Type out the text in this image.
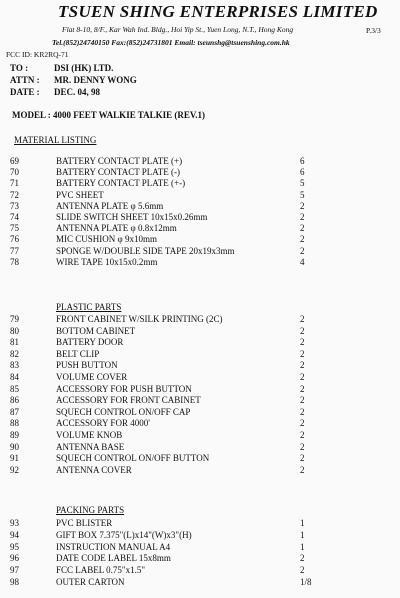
TSUEN SHING ENTERPRISES LIMITED
Flat 8-10, 8/F., Kar Wah Ind. Bldg., Hoi Yip St., Yuen Long, N.T., Hong Kong	P.3/3
Tel.(852)24740150 Fax:(852)24731801 Email: tseunshg@tsuenshing.com.hk
FCC ID: KR2RQ-71
TO :	DSI (HK) LTD.
ATTN : MR. DENNY WONG
DATE : DEC. 04, 98
MODEL : 4000 FEET WALKIE TALKIE (REV.1)
MATERIAL LISTING
69	BATTERY CONTACT PLATE (+)	6
70	BATTERY CONTACT PLATE (-)	6
71	BATTERY CONTACT PLATE (+-)	5
72	PVC SHEET	5
73	ANTENNA PLATE φ 5.6mm	2
74	SLIDE SWITCH SHEET 10x15x0.26mm	2
75	ANTENNA PLATE φ 0.8x12mm	2
76	MIC CUSHION φ 9x10mm	2
77	SPONGE W/DOUBLE SIDE TAPE 20x19x3mm	2
78	WIRE TAPE 10x15x0.2mm	4
PLASTIC PARTS
79	FRONT CABINET W/SILK PRINTING (2C)	2
80	BOTTOM CABINET	2
81	BATTERY DOOR	2
82	BELT CLIP	2
83	PUSH BUTTON	2
84	VOLUME COVER	2
85	ACCESSORY FOR PUSH BUTTON	2
86	ACCESSORY FOR FRONT CABINET	2
87	SQUECH CONTROL ON/OFF CAP	2
88	ACCESSORY FOR 4000'	2
89	VOLUME KNOB	2
90	ANTENNA BASE	2
91	SQUECH CONTROL ON/OFF BUTTON	2
92	ANTENNA COVER	2
PACKING PARTS
93	PVC BLISTER	1
94	GIFT BOX 7.375"(L)x14"(W)x3"(H)	1
95	INSTRUCTION MANUAL A4	1
96	DATE CODE LABEL 15x8mm	2
97	FCC LABEL 0.75"x1.5"	2
98	OUTER CARTON	1/8
